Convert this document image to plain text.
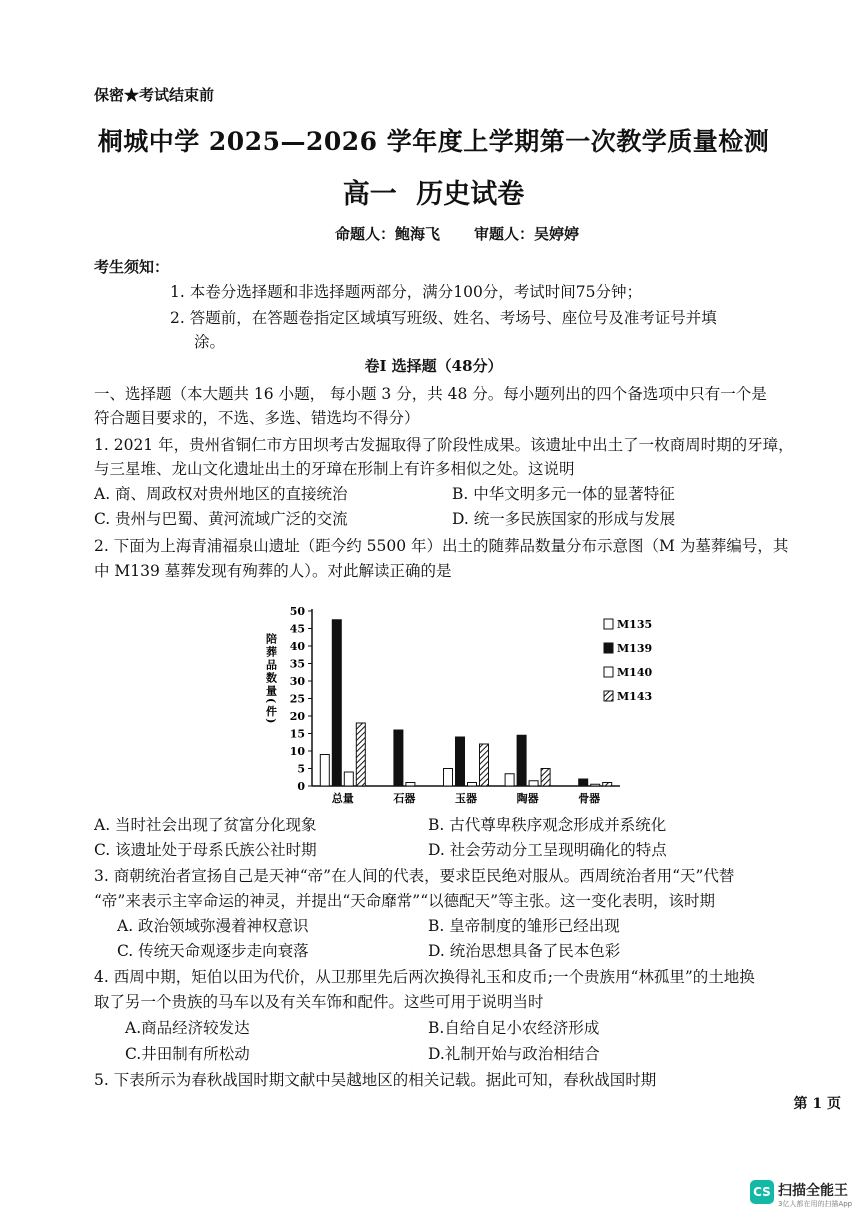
保密★考试结束前
桐城中学 2025—2026 学年度上学期第一次教学质量检测
高一 历史试卷
命题人：鲍海飞 审题人：吴婷婷
考生须知：
1. 本卷分选择题和非选择题两部分，满分100分，考试时间75分钟；
2. 答题前，在答题卷指定区域填写班级、姓名、考场号、座位号及准考证号并填
涂。
卷Ⅰ 选择题（48分）
一、选择题（本大题共 16 小题， 每小题 3 分，共 48 分。每小题列出的四个备选项中只有一个是
符合题目要求的，不选、多选、错选均不得分）
1. 2021 年，贵州省铜仁市方田坝考古发掘取得了阶段性成果。该遗址中出土了一枚商周时期的牙璋，
与三星堆、龙山文化遗址出土的牙璋在形制上有许多相似之处。这说明
A. 商、周政权对贵州地区的直接统治	B. 中华文明多元一体的显著特征
C. 贵州与巴蜀、黄河流域广泛的交流	D. 统一多民族国家的形成与发展
2. 下面为上海青浦福泉山遗址（距今约 5500 年）出土的随葬品数量分布示意图（M 为墓葬编号，其
中 M139 墓葬发现有殉葬的人）。对此解读正确的是
陪葬品数量(件)
0
5
10
15
20
25
30
35
40
45
50
总量	石器	玉器	陶器	骨器
M135
M139
M140
M143
A. 当时社会出现了贫富分化现象	B. 古代尊卑秩序观念形成并系统化
C. 该遗址处于母系氏族公社时期	D. 社会劳动分工呈现明确化的特点
3. 商朝统治者宣扬自己是天神“帝”在人间的代表，要求臣民绝对服从。西周统治者用“天”代替
“帝”来表示主宰命运的神灵，并提出“天命靡常”“以德配天”等主张。这一变化表明，该时期
A. 政治领域弥漫着神权意识	B. 皇帝制度的雏形已经出现
C. 传统天命观逐步走向衰落	D. 统治思想具备了民本色彩
4. 西周中期，矩伯以田为代价，从卫那里先后两次换得礼玉和皮币;一个贵族用“林孤里”的土地换
取了另一个贵族的马车以及有关车饰和配件。这些可用于说明当时
A.商品经济较发达	B.自给自足小农经济形成
C.井田制有所松动	D.礼制开始与政治相结合
5. 下表所示为春秋战国时期文献中吴越地区的相关记载。据此可知，春秋战国时期
第 1 页
CS 扫描全能王
3亿人都在用的扫描App
